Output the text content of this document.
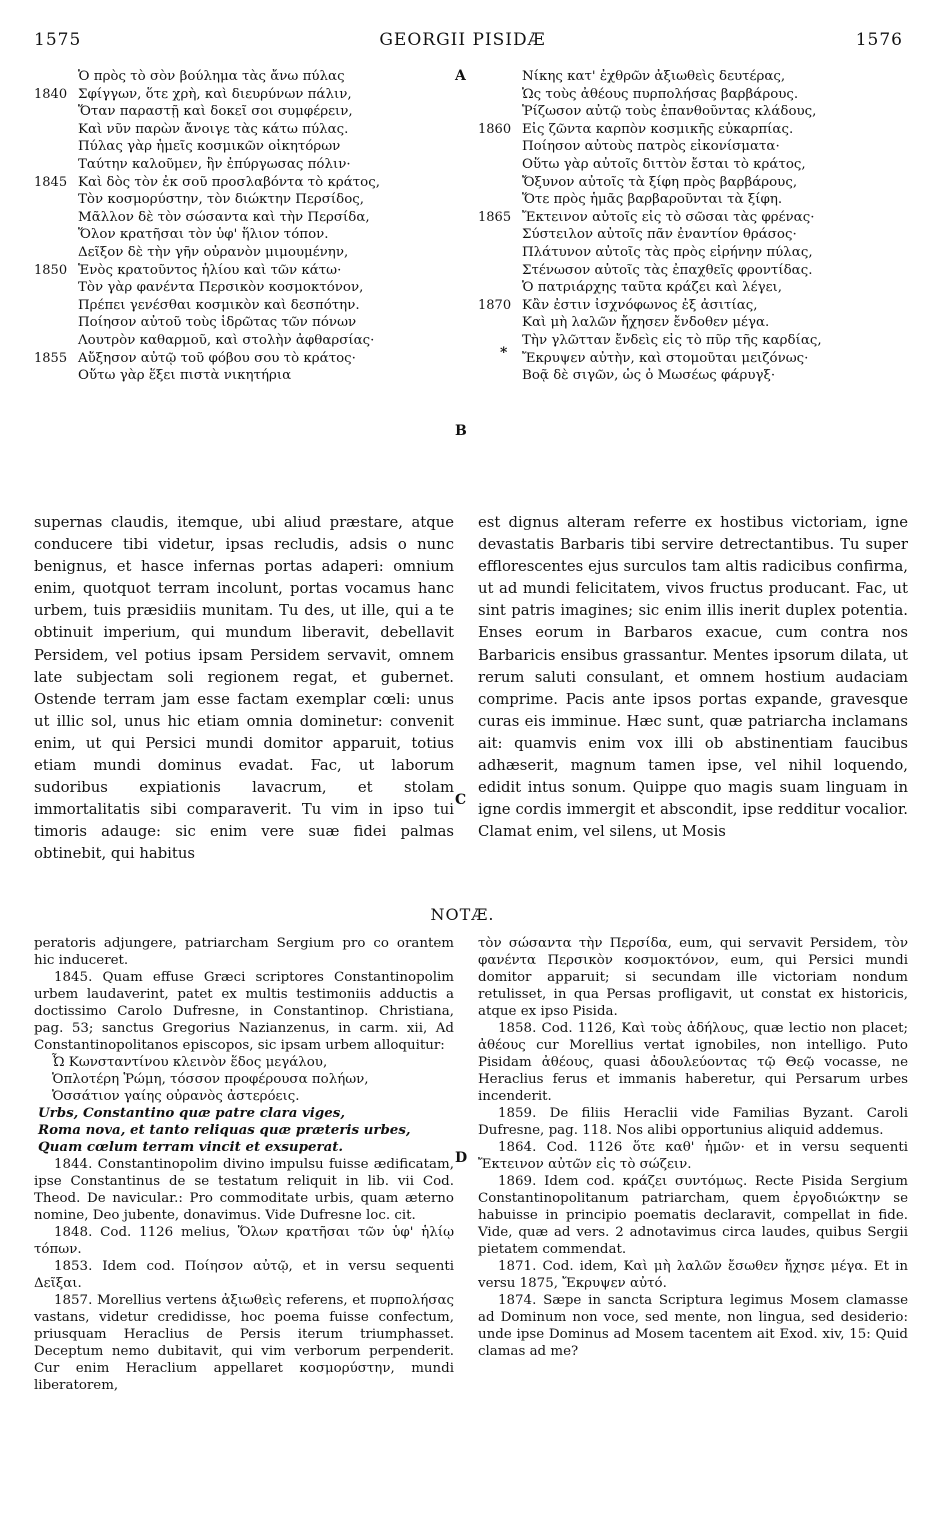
1575	GEORGII PISIDÆ	1576
Ὁ πρὸς τὸ σὸν βούλημα τὰς ἄνω πύλας
1840 Σφίγγων, ὅτε χρὴ, καὶ διευρύνων πάλιν,
Ὅταν παραστῇ καὶ δοκεῖ σοι συμφέρειν,
Καὶ νῦν παρὼν ἄνοιγε τὰς κάτω πύλας.
Πύλας γὰρ ἡμεῖς κοσμικῶν οἰκητόρων
Ταύτην καλοῦμεν, ἣν ἐπύργωσας πόλιν·
1845 Καὶ δὸς τὸν ἐκ σοῦ προσλαβόντα τὸ κράτος,
Τὸν κοσμορύστην, τὸν διώκτην Περσίδος,
Μᾶλλον δὲ τὸν σώσαντα καὶ τὴν Περσίδα,
Ὅλον κρατῆσαι τὸν ὑφ' ἥλιον τόπον.
Δεῖξον δὲ τὴν γῆν οὐρανὸν μιμουμένην,
1850 Ἑνὸς κρατοῦντος ἡλίου καὶ τῶν κάτω·
Τὸν γὰρ φανέντα Περσικὸν κοσμοκτόνον,
Πρέπει γενέσθαι κοσμικὸν καὶ δεσπότην.
Ποίησον αὐτοῦ τοὺς ἱδρῶτας τῶν πόνων
Λουτρὸν καθαρμοῦ, καὶ στολὴν ἀφθαρσίας·
1855 Αὔξησον αὐτῷ τοῦ φόβου σου τὸ κράτος·
Οὕτω γὰρ ἕξει πιστὰ νικητήρια
Νίκης κατ' ἐχθρῶν ἀξιωθεὶς δευτέρας,
Ὡς τοὺς ἀθέους πυρπολήσας βαρβάρους.
Ῥίζωσον αὐτῷ τοὺς ἐπανθοῦντας κλάδους,
1860 Εἰς ζῶντα καρπὸν κοσμικῆς εὐκαρπίας.
Ποίησον αὐτοὺς πατρὸς εἰκονίσματα·
Οὕτω γὰρ αὐτοῖς διττὸν ἔσται τὸ κράτος,
Ὄξυνον αὐτοῖς τὰ ξίφη πρὸς βαρβάρους,
Ὅτε πρὸς ἡμᾶς βαρβαροῦνται τὰ ξίφη.
1865 Ἔκτεινον αὐτοῖς εἰς τὸ σῶσαι τὰς φρένας·
Σύστειλον αὐτοῖς πᾶν ἐναντίον θράσος·
Πλάτυνον αὐτοῖς τὰς πρὸς εἰρήνην πύλας,
Στένωσον αὐτοῖς τὰς ἐπαχθεῖς φροντίδας.
Ὁ πατριάρχης ταῦτα κράζει καὶ λέγει,
1870 Κἂν ἐστιν ἰσχνόφωνος ἐξ ἀσιτίας,
Καὶ μὴ λαλῶν ἤχησεν ἔνδοθεν μέγα.
Τὴν γλῶτταν ἔνδεὶς εἰς τὸ πῦρ τῆς καρδίας,
Ἔκρυψεν αὐτὴν, καὶ στομοῦται μειζόνως·
Βοᾷ δὲ σιγῶν, ὡς ὁ Μωσέως φάρυγξ·
A
B
C
D
*

supernas claudis, itemque, ubi aliud præstare, atque conducere tibi videtur, ipsas recludis, adsis o nunc benignus, et hasce infernas portas adaperi: omnium enim, quotquot terram incolunt, portas vocamus hanc urbem, tuis præsidiis munitam. Tu des, ut ille, qui a te obtinuit imperium, qui mundum liberavit, debellavit Persidem, vel potius ipsam Persidem servavit, omnem late subjectam soli regionem regat, et gubernet. Ostende terram jam esse factam exemplar cœli: unus ut illic sol, unus hic etiam omnia dominetur: convenit enim, ut qui Persici mundi domitor apparuit, totius etiam mundi dominus evadat. Fac, ut laborum sudoribus expiationis lavacrum, et stolam immortalitatis sibi comparaverit. Tu vim in ipso tui timoris adauge: sic enim vere suæ fidei palmas obtinebit, qui habitus

est dignus alteram referre ex hostibus victoriam, igne devastatis Barbaris tibi servire detrectantibus. Tu super efflorescentes ejus surculos tam altis radicibus confirma, ut ad mundi felicitatem, vivos fructus producant. Fac, ut sint patris imagines; sic enim illis inerit duplex potentia. Enses eorum in Barbaros exacue, cum contra nos Barbaricis ensibus grassantur. Mentes ipsorum dilata, ut rerum saluti consulant, et omnem hostium audaciam comprime. Pacis ante ipsos portas expande, gravesque curas eis imminue. Hæc sunt, quæ patriarcha inclamans ait: quamvis enim vox illi ob abstinentiam faucibus adhæserit, magnum tamen ipse, vel nihil loquendo, edidit intus sonum. Quippe quo magis suam linguam in igne cordis immergit et abscondit, ipse redditur vocalior. Clamat enim, vel silens, ut Mosis

NOTÆ.

peratoris adjungere, patriarcham Sergium pro co orantem hic induceret.

1845. Quam effuse Græci scriptores Constantinopolim urbem laudaverint, patet ex multis testimoniis adductis a doctissimo Carolo Dufresne, in Constantinop. Christiana, pag. 53; sanctus Gregorius Nazianzenus, in carm. xii, Ad Constantinopolitanos episcopos, sic ipsam urbem alloquitur:

Ὦ Κωνσταντίνου κλεινὸν ἕδος μεγάλου,

Ὁπλοτέρη Ῥώμη, τόσσον προφέρουσα πολήων,

Ὁσσάτιον γαίης οὐρανὸς ἀστερόεις.

Urbs, Constantino quæ patre clara viges,

Roma nova, et tanto reliquas quæ præteris urbes,

Quam cœlum terram vincit et exsuperat.

1844. Constantinopolim divino impulsu fuisse ædificatam, ipse Constantinus de se testatum reliquit in lib. vii Cod. Theod. De navicular.: Pro commoditate urbis, quam æterno nomine, Deo jubente, donavimus. Vide Dufresne loc. cit.

1848. Cod. 1126 melius, Ὅλων κρατῆσαι τῶν ὑφ' ἡλίῳ τόπων.

1853. Idem cod. Ποίησον αὐτῷ, et in versu sequenti Δεῖξαι.

1857. Morellius vertens ἀξιωθεὶς referens, et πυρπολήσας vastans, videtur credidisse, hoc poema fuisse confectum, priusquam Heraclius de Persis iterum triumphasset. Deceptum nemo dubitavit, qui vim verborum perpenderit. Cur enim Heraclium appellaret κοσμορύστην, mundi liberatorem,

τὸν σώσαντα τὴν Περσίδα, eum, qui servavit Persidem, τὸν φανέντα Περσικὸν κοσμοκτόνον, eum, qui Persici mundi domitor apparuit; si secundam ille victoriam nondum retulisset, in qua Persas profligavit, ut constat ex historicis, atque ex ipso Pisida.

1858. Cod. 1126, Καὶ τοὺς ἀδήλους, quæ lectio non placet; ἀθέους cur Morellius vertat ignobiles, non intelligo. Puto Pisidam ἀθέους, quasi ἀδουλεύοντας τῷ Θεῷ vocasse, ne Heraclius ferus et immanis haberetur, qui Persarum urbes incenderit.

1859. De filiis Heraclii vide Familias Byzant. Caroli Dufresne, pag. 118. Nos alibi opportunius aliquid addemus.

1864. Cod. 1126 ὅτε καθ' ἡμῶν· et in versu sequenti Ἔκτεινον αὐτῶν εἰς τὸ σώζειν.

1869. Idem cod. κράζει συντόμως. Recte Pisida Sergium Constantinopolitanum patriarcham, quem ἐργοδιώκτην se habuisse in principio poematis declaravit, compellat in fide. Vide, quæ ad vers. 2 adnotavimus circa laudes, quibus Sergii pietatem commendat.

1871. Cod. idem, Καὶ μὴ λαλῶν ἔσωθεν ἤχησε μέγα. Et in versu 1875, Ἔκρυψεν αὐτό.

1874. Sæpe in sancta Scriptura legimus Mosem clamasse ad Dominum non voce, sed mente, non lingua, sed desiderio: unde ipse Dominus ad Mosem tacentem ait Exod. xiv, 15: Quid clamas ad me?
